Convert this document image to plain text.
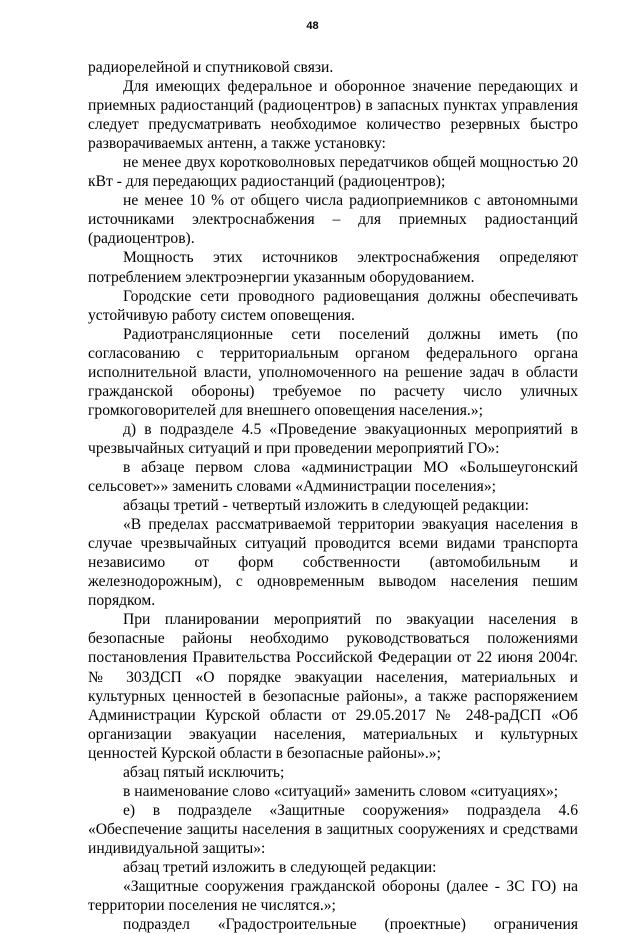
48

радиорелейной и спутниковой связи.

Для имеющих федеральное и оборонное значение передающих и приемных радиостанций (радиоцентров) в запасных пунктах управления следует предусматривать необходимое количество резервных быстро разворачиваемых антенн, а также установку:

не менее двух коротковолновых передатчиков общей мощностью 20 кВт - для передающих радиостанций (радиоцентров);

не менее 10 % от общего числа радиоприемников с автономными источниками электроснабжения – для приемных радиостанций (радиоцентров).

Мощность этих источников электроснабжения определяют потреблением электроэнергии указанным оборудованием.

Городские сети проводного радиовещания должны обеспечивать устойчивую работу систем оповещения.

Радиотрансляционные сети поселений должны иметь (по согласованию с территориальным органом федерального органа исполнительной власти, уполномоченного на решение задач в области гражданской обороны) требуемое по расчету число уличных громкоговорителей для внешнего оповещения населения.»;

д) в подразделе 4.5 «Проведение эвакуационных мероприятий в чрезвычайных ситуаций и при проведении мероприятий ГО»:

в абзаце первом слова «администрации МО «Большеугонский сельсовет»» заменить словами «Администрации поселения»;

абзацы третий - четвертый изложить в следующей редакции:

«В пределах рассматриваемой территории эвакуация населения в случае чрезвычайных ситуаций проводится всеми видами транспорта независимо от форм собственности (автомобильным и железнодорожным), с одновременным выводом населения пешим порядком.

При планировании мероприятий по эвакуации населения в безопасные районы необходимо руководствоваться положениями постановления Правительства Российской Федерации от 22 июня 2004г. № 303ДСП «О порядке эвакуации населения, материальных и культурных ценностей в безопасные районы», а также распоряжением Администрации Курской области от 29.05.2017 № 248-раДСП «Об организации эвакуации населения, материальных и культурных ценностей Курской области в безопасные районы».»;

абзац пятый исключить;

в наименование слово «ситуаций» заменить словом «ситуациях»;

е) в подразделе «Защитные сооружения» подраздела 4.6 «Обеспечение защиты населения в защитных сооружениях и средствами индивидуальной защиты»:

абзац третий изложить в следующей редакции:

«Защитные сооружения гражданской обороны (далее - ЗС ГО) на территории поселения не числятся.»;

подраздел «Градостроительные (проектные) ограничения
